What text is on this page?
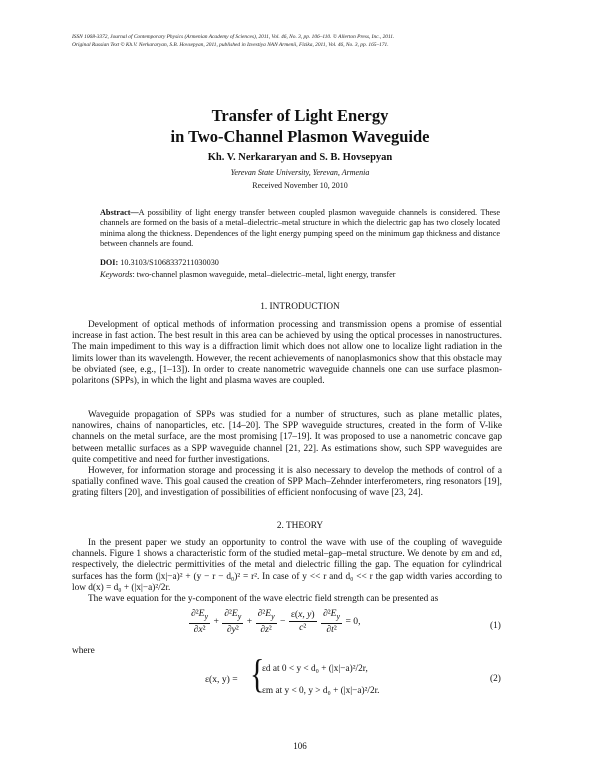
ISSN 1068-3372, Journal of Contemporary Physics (Armenian Academy of Sciences), 2011, Vol. 46, No. 3, pp. 106–110. © Allerton Press, Inc., 2011.
Original Russian Text © Kh.V. Nerkararyan, S.B. Hovsepyan, 2011, published in Izvestiya NAN Armenii, Fizika, 2011, Vol. 46, No. 3, pp. 165–171.
Transfer of Light Energy
in Two-Channel Plasmon Waveguide
Kh. V. Nerkararyan and S. B. Hovsepyan
Yerevan State University, Yerevan, Armenia
Received November 10, 2010
Abstract—A possibility of light energy transfer between coupled plasmon waveguide channels is considered. These channels are formed on the basis of a metal–dielectric–metal structure in which the dielectric gap has two closely located minima along the thickness. Dependences of the light energy pumping speed on the minimum gap thickness and distance between channels are found.
DOI: 10.3103/S1068337211030030
Keywords: two-channel plasmon waveguide, metal–dielectric–metal, light energy, transfer
1. INTRODUCTION

Development of optical methods of information processing and transmission opens a promise of essential increase in fast action. The best result in this area can be achieved by using the optical processes in nanostructures. The main impediment to this way is a diffraction limit which does not allow one to localize light radiation in the limits lower than its wavelength. However, the recent achievements of nanoplasmonics show that this obstacle may be obviated (see, e.g., [1–13]). In order to create nanometric waveguide channels one can use surface plasmon-polaritons (SPPs), in which the light and plasma waves are coupled.

Waveguide propagation of SPPs was studied for a number of structures, such as plane metallic plates, nanowires, chains of nanoparticles, etc. [14–20]. The SPP waveguide structures, created in the form of V-like channels on the metal surface, are the most promising [17–19]. It was proposed to use a nanometric concave gap between metallic surfaces as a SPP waveguide channel [21, 22]. As estimations show, such SPP waveguides are quite competitive and need for further investigations.

However, for information storage and processing it is also necessary to develop the methods of control of a spatially confined wave. This goal caused the creation of SPP Mach–Zehnder interferometers, ring resonators [19], grating filters [20], and investigation of possibilities of efficient nonfocusing of wave [23, 24].

2. THEORY

In the present paper we study an opportunity to control the wave with use of the coupling of waveguide channels. Figure 1 shows a characteristic form of the studied metal–gap–metal structure. We denote by εm and εd, respectively, the dielectric permittivities of the metal and dielectric filling the gap. The equation for cylindrical surfaces has the form (|x|−a)² + (y − r − d₀)² = r². In case of y << r and d₀ << r the gap width varies according to low d(x) = d₀ + (|x|−a)²/2r.

The wave equation for the y-component of the wave electric field strength can be presented as

$\frac{\partial^2E_y}{\text{∂x²}} + \frac{\partial^2E_y}{\text{∂y²}} + \frac{\partial^2E_y}{\text{∂z²}} - \frac{\varepsilon(x, y)}{\text{c²}}$
$\frac{\partial^2E_y}{\text{∂t²}} = 0$,	(1)
where
ε(x, y) = {
εd at 0 < y < d₀ + (|x|−a)²/2r,
εm at y < 0, y > d₀ + (|x|−a)²/2r.
(2)
106
